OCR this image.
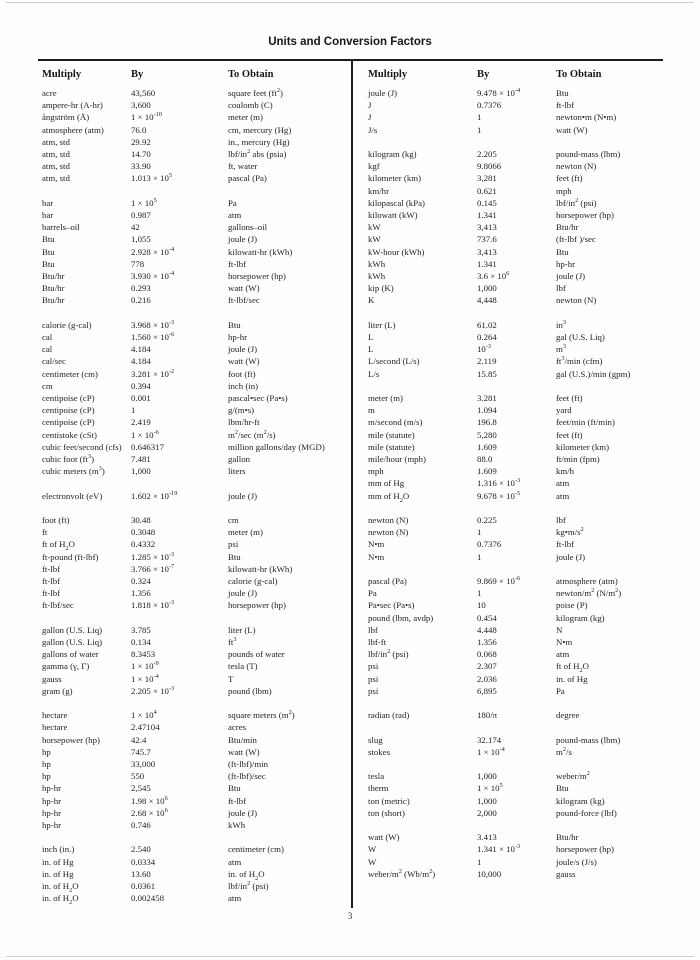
Units and Conversion Factors
Multiply	By	To Obtain
acre	43,560	square feet $(ft^2)$
ampere-hr (A-hr)	3,600	coulomb (C)
ångström (Å)	$1 \times 10^{-10}$	meter (m)
atmosphere (atm)	76.0	cm, mercury (Hg)
atm, std	29.92	in., mercury (Hg)
atm, std	14.70	lbf/$in^2$ abs (psia)
atm, std	33.90	ft, water
atm, std	$1.013 \times 10^5$	pascal (Pa)
bar	$1 \times 10^5$	Pa
bar	0.987	atm
barrels–oil	42	gallons–oil
Btu	1,055	joule (J)
Btu	$2.928 \times 10^{-4}$	kilowatt-hr (kWh)
Btu	778	ft-lbf
Btu/hr	$3.930 \times 10^{-4}$	horsepower (hp)
Btu/hr	0.293	watt (W)
Btu/hr	0.216	ft-lbf/sec
calorie (g-cal)	$3.968 \times 10^{-3}$	Btu
cal	$1.560 \times 10^{-6}$	hp-hr
cal	4.184	joule (J)
cal/sec	4.184	watt (W)
centimeter (cm)	$3.281 \times 10^{-2}$	foot (ft)
cm	0.394	inch (in)
centipoise (cP)	0.001	pascal•sec (Pa•s)
centipoise (cP)	1	g/(m•s)
centipoise (cP)	2.419	lbm/hr-ft
centistoke (cSt)	$1 \times 10^{-6}$	$m^2/\sec$ $(m^2/s)$
cubic feet/second (cfs)	0.646317	million gallons/day (MGD)
cubic foot $(ft^3)$	7.481	gallon
cubic meters $(m^3)$	1,000	liters
electronvolt (eV)	$1.602 \times 10^{-19}$	joule (J)
foot (ft)	30.48	cm
ft	0.3048	meter (m)
ft of $H_2O$	0.4332	psi
ft-pound (ft-lbf)	$1.285 \times 10^{-3}$	Btu
ft-lbf	$3.766 \times 10^{-7}$	kilowatt-hr (kWh)
ft-lbf	0.324	calorie (g-cal)
ft-lbf	1.356	joule (J)
ft-lbf/sec	$1.818 \times 10^{-3}$	horsepower (hp)
gallon (U.S. Liq)	3.785	liter (L)
gallon (U.S. Liq)	0.134	$ft^3$
gallons of water	8.3453	pounds of water
gamma (γ, Γ)	$1 \times 10^{-9}$	tesla (T)
gauss	$1 \times 10^{-4}$	T
gram (g)	$2.205 \times 10^{-3}$	pound (lbm)
hectare	$1 \times 10^4$	square meters $(m^2)$
hectare	2.47104	acres
horsepower (hp)	42.4	Btu/min
hp	745.7	watt (W)
hp	33,000	(ft-lbf)/min
hp	550	(ft-lbf)/sec
hp-hr	2,545	Btu
hp-hr	$1.98 \times 10^6$	ft-lbf
hp-hr	$2.68 \times 10^6$	joule (J)
hp-hr	0.746	kWh
inch (in.)	2.540	centimeter (cm)
in. of Hg	0.0334	atm
in. of Hg	13.60	in. of $H_2O$
in. of $H_2O$	0.0361	lbf/$in^2$ (psi)
in. of $H_2O$	0.002458	atm
Multiply	By	To Obtain
joule (J)	$9.478 \times 10^{-4}$	Btu
J	0.7376	ft-lbf
J	1	newton•m (N•m)
J/s	1	watt (W)
kilogram (kg)	2.205	pound-mass (lbm)
kgf	9.8066	newton (N)
kilometer (km)	3,281	feet (ft)
km/hr	0.621	mph
kilopascal (kPa)	0.145	lbf/$in^2$ (psi)
kilowatt (kW)	1.341	horsepower (hp)
kW	3,413	Btu/hr
kW	737.6	(ft-lbf )/sec
kW-hour (kWh)	3,413	Btu
kWh	1.341	hp-hr
kWh	$3.6 \times 10^6$	joule (J)
kip (K)	1,000	lbf
K	4,448	newton (N)
liter (L)	61.02	$in^3$
L	0.264	gal (U.S. Liq)
L	$10^{-3}$	$m^3$
L/second (L/s)	2.119	$ft^3/\min$ (cfm)
L/s	15.85	gal (U.S.)/min (gpm)
meter (m)	3.281	feet (ft)
m	1.094	yard
m/second (m/s)	196.8	feet/min (ft/min)
mile (statute)	5,280	feet (ft)
mile (statute)	1.609	kilometer (km)
mile/hour (mph)	88.0	ft/min (fpm)
mph	1.609	km/h
mm of Hg	$1.316 \times 10^{-3}$	atm
mm of $H_2O$	$9.678 \times 10^{-5}$	atm
newton (N)	0.225	lbf
newton (N)	1	$kg•m/s^2$
N•m	0.7376	ft-lbf
N•m	1	joule (J)
pascal (Pa)	$9.869 \times 10^{-6}$	atmosphere (atm)
Pa	1	newton/$m^2$ $(N/m^2)$
Pa•sec (Pa•s)	10	poise (P)
pound (lbm, avdp)	0.454	kilogram (kg)
lbf	4.448	N
lbf-ft	1.356	N•m
lbf/$in^2$ (psi)	0.068	atm
psi	2.307	ft of $H_2O$
psi	2.036	in. of Hg
psi	6,895	Pa
radian (rad)	180/π	degree
slug	32.174	pound-mass (lbm)
stokes	$1 \times 10^{-4}$	$m^2/s$
tesla	1,000	weber/$m^2$
therm	$1 \times 10^5$	Btu
ton (metric)	1,000	kilogram (kg)
ton (short)	2,000	pound-force (lbf)
watt (W)	3.413	Btu/hr
W	$1.341 \times 10^{-3}$	horsepower (hp)
W	1	joule/s (J/s)
weber/$m^2$ $(Wb/m^2)$	10,000	gauss
3
